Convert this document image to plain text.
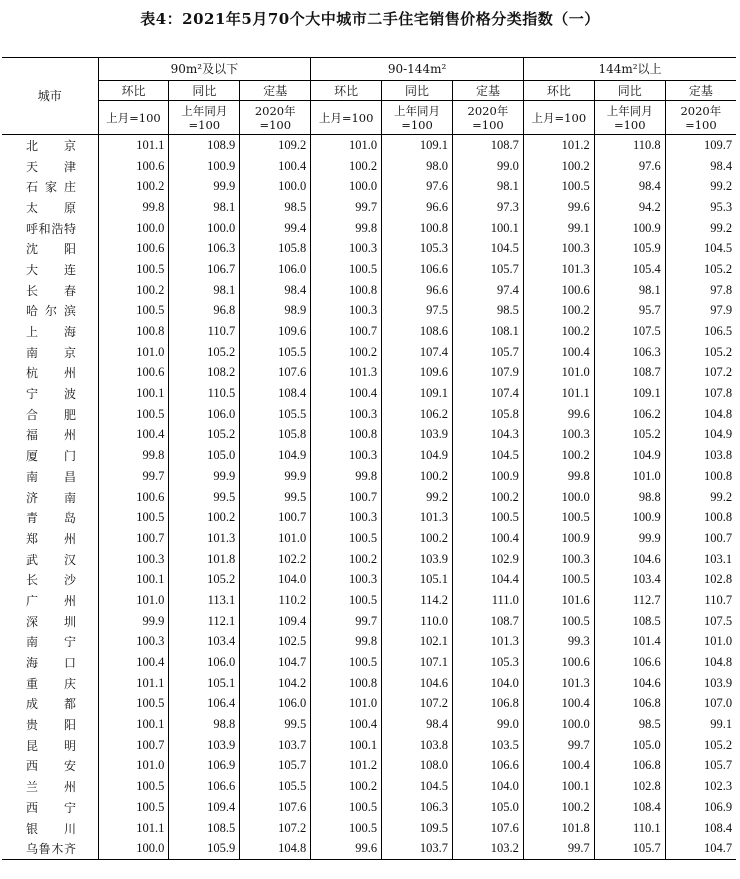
表4：2021年5月70个大中城市二手住宅销售价格分类指数（一）
城市	90m²及以下			90-144m²			144m²以上		
	环比	同比	定基	环比	同比	定基	环比	同比	定基
	上月=100	上年同月=100	2020年=100	上月=100	上年同月=100	2020年=100	上月=100	上年同月=100	2020年=100
北京	101.1	108.9	109.2	101.0	109.1	108.7	101.2	110.8	109.7
天津	100.6	100.9	100.4	100.2	98.0	99.0	100.2	97.6	98.4
石家庄	100.2	99.9	100.0	100.0	97.6	98.1	100.5	98.4	99.2
太原	99.8	98.1	98.5	99.7	96.6	97.3	99.6	94.2	95.3
呼和浩特	100.0	100.0	99.4	99.8	100.8	100.1	99.1	100.9	99.2
沈阳	100.6	106.3	105.8	100.3	105.3	104.5	100.3	105.9	104.5
大连	100.5	106.7	106.0	100.5	106.6	105.7	101.3	105.4	105.2
长春	100.2	98.1	98.4	100.8	96.6	97.4	100.6	98.1	97.8
哈尔滨	100.5	96.8	98.9	100.3	97.5	98.5	100.2	95.7	97.9
上海	100.8	110.7	109.6	100.7	108.6	108.1	100.2	107.5	106.5
南京	101.0	105.2	105.5	100.2	107.4	105.7	100.4	106.3	105.2
杭州	100.6	108.2	107.6	101.3	109.6	107.9	101.0	108.7	107.2
宁波	100.1	110.5	108.4	100.4	109.1	107.4	101.1	109.1	107.8
合肥	100.5	106.0	105.5	100.3	106.2	105.8	99.6	106.2	104.8
福州	100.4	105.2	105.8	100.8	103.9	104.3	100.3	105.2	104.9
厦门	99.8	105.0	104.9	100.3	104.9	104.5	100.2	104.9	103.8
南昌	99.7	99.9	99.9	99.8	100.2	100.9	99.8	101.0	100.8
济南	100.6	99.5	99.5	100.7	99.2	100.2	100.0	98.8	99.2
青岛	100.5	100.2	100.7	100.3	101.3	100.5	100.5	100.9	100.8
郑州	100.7	101.3	101.0	100.5	100.2	100.4	100.9	99.9	100.7
武汉	100.3	101.8	102.2	100.2	103.9	102.9	100.3	104.6	103.1
长沙	100.1	105.2	104.0	100.3	105.1	104.4	100.5	103.4	102.8
广州	101.0	113.1	110.2	100.5	114.2	111.0	101.6	112.7	110.7
深圳	99.9	112.1	109.4	99.7	110.0	108.7	100.5	108.5	107.5
南宁	100.3	103.4	102.5	99.8	102.1	101.3	99.3	101.4	101.0
海口	100.4	106.0	104.7	100.5	107.1	105.3	100.6	106.6	104.8
重庆	101.1	105.1	104.2	100.8	104.6	104.0	101.3	104.6	103.9
成都	100.5	106.4	106.0	101.0	107.2	106.8	100.4	106.8	107.0
贵阳	100.1	98.8	99.5	100.4	98.4	99.0	100.0	98.5	99.1
昆明	100.7	103.9	103.7	100.1	103.8	103.5	99.7	105.0	105.2
西安	101.0	106.9	105.7	101.2	108.0	106.6	100.4	106.8	105.7
兰州	100.5	106.6	105.5	100.2	104.5	104.0	100.1	102.8	102.3
西宁	100.5	109.4	107.6	100.5	106.3	105.0	100.2	108.4	106.9
银川	101.1	108.5	107.2	100.5	109.5	107.6	101.8	110.1	108.4
乌鲁木齐	100.0	105.9	104.8	99.6	103.7	103.2	99.7	105.7	104.7
